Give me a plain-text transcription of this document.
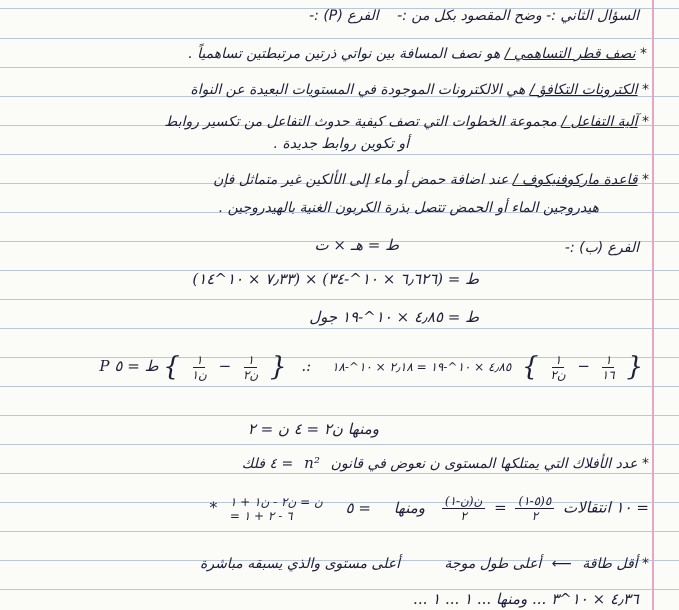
السؤال الثاني :- وضح المقصود بكل من :- الفرع (P) :-
* نصف قطر التساهمي / هو نصف المسافة بين نواتي ذرتين مرتبطتين تساهمياً .
* الكترونات التكافؤ / هي الالكترونات الموجودة في المستويات البعيدة عن النواة
* آلية التفاعل / مجموعة الخطوات التي تصف كيفية حدوث التفاعل من تكسير روابط
أو تكوين روابط جديدة .
* قاعدة ماركوفنيكوف / عند اضافة حمض أو ماء إلى الألكين غير متماثل فإن
هيدروجين الماء أو الحمض تتصل بذرة الكربون الغنية بالهيدروجين .
الفرع (ب) :-
ط = هـ × ت
ط = (٦٫٦٢٦ × ١٠^-٣٤) × (٧٫٣٣ × ١٠^١٤)
ط = ٤٫٨٥ × ١٠^-١٩ جول
{
$\frac{١}{١٦}$
−
$\frac{١}{\text{ن٢}}$
} ٤٫٨٥ × ١٠^-١٩ = ٢٫١٨ × ١٠^-١٨ :. {
$\frac{١}{\text{ن٢}}$
−
$\frac{١}{\text{ن١}}$
} ط = ٥ P
ومنها ن٢ = ٤ ن = ٢
* عدد الأفلاك التي يمتلكها المستوى ن نعوض في قانون n² = ٤ فلك
= ١٠ انتقالات
$\frac{٥(٥-١)}{٢}$
=
$\frac{\text{ن(ن-١)}}{٢}$
ومنها = ٥
ن = ن٢ - ن١ + ١
= ٦ - ٢ + ١
*
* أقل طاقة ⟵ أعلى طول موجة أعلى مستوى والذي يسبقه مباشرة
٤٫٣٦ × ١٠^٣ ... ومنها ... ١ ... ١ ...
